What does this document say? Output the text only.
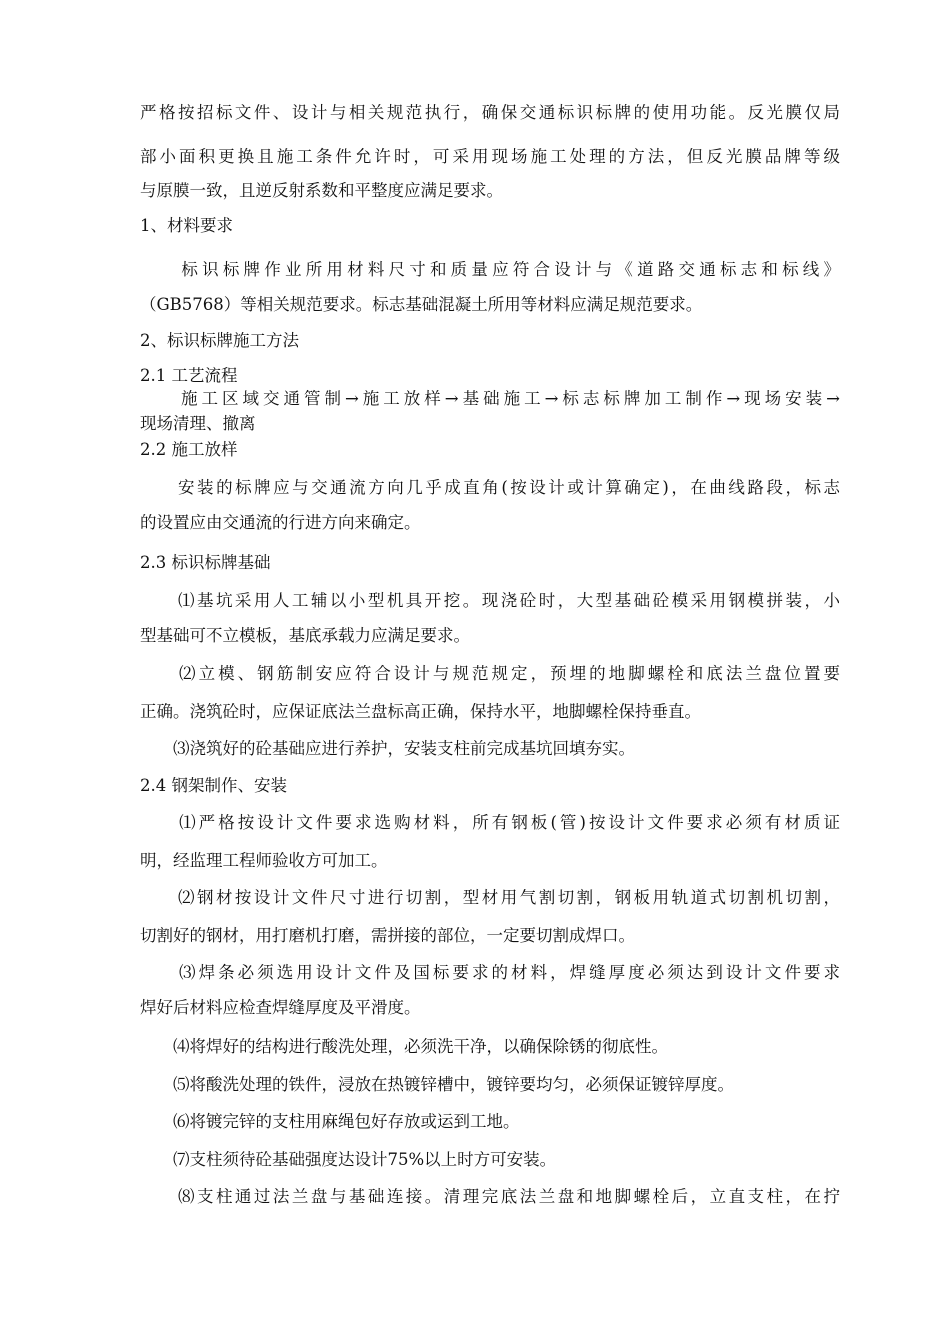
严格按招标文件、设计与相关规范执行，确保交通标识标牌的使用功能。反光膜仅局
部小面积更换且施工条件允许时，可采用现场施工处理的方法，但反光膜品牌等级
与原膜一致，且逆反射系数和平整度应满足要求。
1、材料要求
　　标识标牌作业所用材料尺寸和质量应符合设计与《道路交通标志和标线》
（GB5768）等相关规范要求。标志基础混凝土所用等材料应满足规范要求。
2、标识标牌施工方法
2.1 工艺流程
　　施工区域交通管制→施工放样→基础施工→标志标牌加工制作→现场安装→
现场清理、撤离
2.2 施工放样
　　安装的标牌应与交通流方向几乎成直角(按设计或计算确定)，在曲线路段，标志
的设置应由交通流的行进方向来确定。
2.3 标识标牌基础
　　⑴基坑采用人工辅以小型机具开挖。现浇砼时，大型基础砼模采用钢模拼装，小
型基础可不立模板，基底承载力应满足要求。
　　⑵立模、钢筋制安应符合设计与规范规定，预埋的地脚螺栓和底法兰盘位置要
正确。浇筑砼时，应保证底法兰盘标高正确，保持水平，地脚螺栓保持垂直。
　　⑶浇筑好的砼基础应进行养护，安装支柱前完成基坑回填夯实。
2.4 钢架制作、安装
　　⑴严格按设计文件要求选购材料，所有钢板(管)按设计文件要求必须有材质证
明，经监理工程师验收方可加工。
　　⑵钢材按设计文件尺寸进行切割，型材用气割切割，钢板用轨道式切割机切割，
切割好的钢材，用打磨机打磨，需拼接的部位，一定要切割成焊口。
　　⑶焊条必须选用设计文件及国标要求的材料，焊缝厚度必须达到设计文件要求
焊好后材料应检查焊缝厚度及平滑度。
　　⑷将焊好的结构进行酸洗处理，必须洗干净，以确保除锈的彻底性。
　　⑸将酸洗处理的铁件，浸放在热镀锌槽中，镀锌要均匀，必须保证镀锌厚度。
　　⑹将镀完锌的支柱用麻绳包好存放或运到工地。
　　⑺支柱须待砼基础强度达设计75%以上时方可安装。
　　⑻支柱通过法兰盘与基础连接。清理完底法兰盘和地脚螺栓后，立直支柱，在拧
